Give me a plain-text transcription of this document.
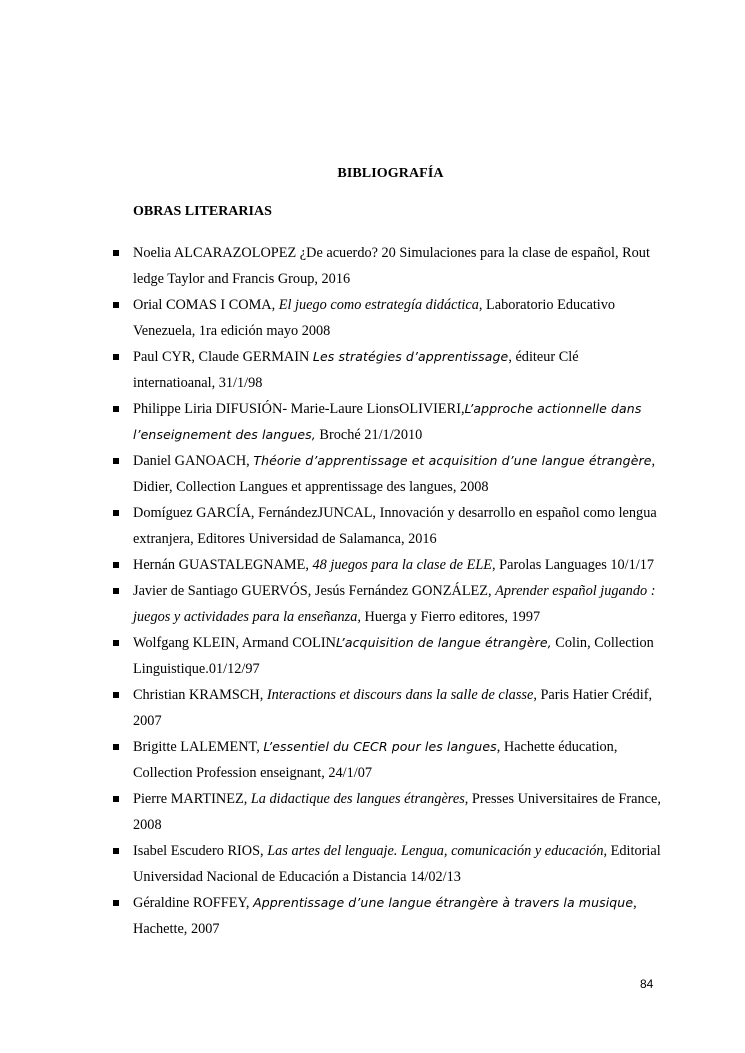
BIBLIOGRAFÍA
OBRAS LITERARIAS
Noelia ALCARAZOLOPEZ ¿De acuerdo? 20 Simulaciones para la clase de español, Rout ledge Taylor and Francis Group, 2016
Orial COMAS I COMA, El juego como estrategía didáctica, Laboratorio Educativo Venezuela, 1ra edición mayo 2008
Paul CYR, Claude GERMAIN Les stratégies d’apprentissage, éditeur Clé internatioanal, 31/1/98
Philippe Liria DIFUSIÓN- Marie-Laure LionsOLIVIERI,L’approche actionnelle dans l’enseignement des langues, Broché 21/1/2010
Daniel GANOACH, Théorie d’apprentissage et acquisition d’une langue étrangère, Didier, Collection Langues et apprentissage des langues, 2008
Domíguez GARCÍA, FernándezJUNCAL, Innovación y desarrollo en español como lengua extranjera, Editores Universidad de Salamanca, 2016
Hernán GUASTALEGNAME, 48 juegos para la clase de ELE, Parolas Languages 10/1/17
Javier de Santiago GUERVÓS, Jesús Fernández GONZÁLEZ, Aprender español jugando : juegos y actividades para la enseñanza, Huerga y Fierro editores, 1997
Wolfgang KLEIN, Armand COLINL’acquisition de langue étrangère, Colin, Collection Linguistique.01/12/97
Christian KRAMSCH, Interactions et discours dans la salle de classe, Paris Hatier Crédif, 2007
Brigitte LALEMENT, L’essentiel du CECR pour les langues, Hachette éducation, Collection Profession enseignant, 24/1/07
Pierre MARTINEZ, La didactique des langues étrangères, Presses Universitaires de France, 2008
Isabel Escudero RIOS, Las artes del lenguaje. Lengua, comunicación y educación, Editorial Universidad Nacional de Educación a Distancia 14/02/13
Géraldine ROFFEY, Apprentissage d’une langue étrangère à travers la musique, Hachette, 2007
84
